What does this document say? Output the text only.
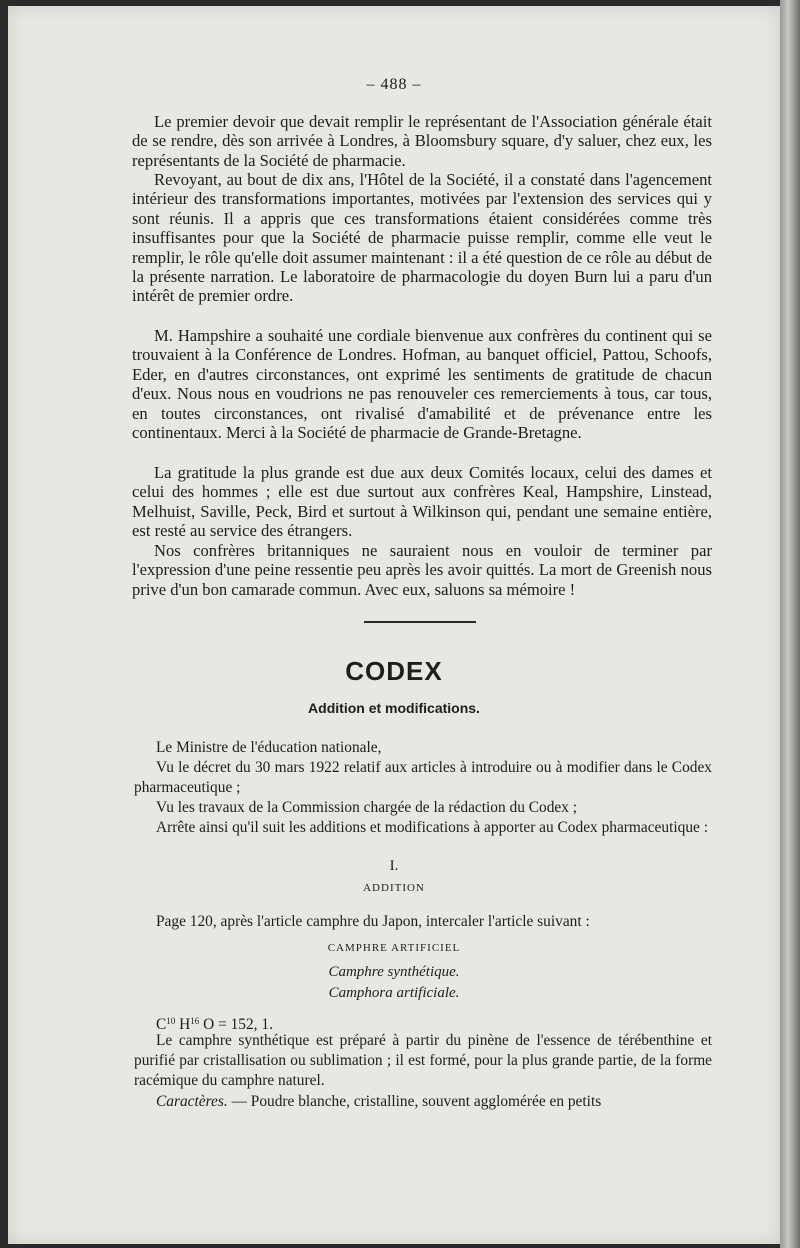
– 488 –

Le premier devoir que devait remplir le représentant de l'Association générale était de se rendre, dès son arrivée à Londres, à Bloomsbury square, d'y saluer, chez eux, les représentants de la Société de pharmacie.

Revoyant, au bout de dix ans, l'Hôtel de la Société, il a constaté dans l'agencement intérieur des transformations importantes, motivées par l'extension des services qui y sont réunis. Il a appris que ces transformations étaient considérées comme très insuffisantes pour que la Société de pharmacie puisse remplir, comme elle veut le remplir, le rôle qu'elle doit assumer maintenant : il a été question de ce rôle au début de la présente narration. Le laboratoire de pharmacologie du doyen Burn lui a paru d'un intérêt de premier ordre.

M. Hampshire a souhaité une cordiale bienvenue aux confrères du continent qui se trouvaient à la Conférence de Londres. Hofman, au banquet officiel, Pattou, Schoofs, Eder, en d'autres circonstances, ont exprimé les sentiments de gratitude de chacun d'eux. Nous nous en voudrions ne pas renouveler ces remerciements à tous, car tous, en toutes circonstances, ont rivalisé d'amabilité et de prévenance entre les continentaux. Merci à la Société de pharmacie de Grande-Bretagne.

La gratitude la plus grande est due aux deux Comités locaux, celui des dames et celui des hommes ; elle est due surtout aux confrères Keal, Hampshire, Linstead, Melhuist, Saville, Peck, Bird et surtout à Wilkinson qui, pendant une semaine entière, est resté au service des étrangers.

Nos confrères britanniques ne sauraient nous en vouloir de terminer par l'expression d'une peine ressentie peu après les avoir quittés. La mort de Greenish nous prive d'un bon camarade commun. Avec eux, saluons sa mémoire !

CODEX
Addition et modifications.

Le Ministre de l'éducation nationale,

Vu le décret du 30 mars 1922 relatif aux articles à introduire ou à modifier dans le Codex pharmaceutique ;

Vu les travaux de la Commission chargée de la rédaction du Codex ;

Arrête ainsi qu'il suit les additions et modifications à apporter au Codex pharmaceutique :

I.

ADDITION

Page 120, après l'article camphre du Japon, intercaler l'article suivant :

CAMPHRE ARTIFICIEL

Camphre synthétique.

Camphora artificiale.

$C^{10}$ $H^{16}$ O = 152, 1.

Le camphre synthétique est préparé à partir du pinène de l'essence de térébenthine et purifié par cristallisation ou sublimation ; il est formé, pour la plus grande partie, de la forme racémique du camphre naturel.

Caractères. — Poudre blanche, cristalline, souvent agglomérée en petits
